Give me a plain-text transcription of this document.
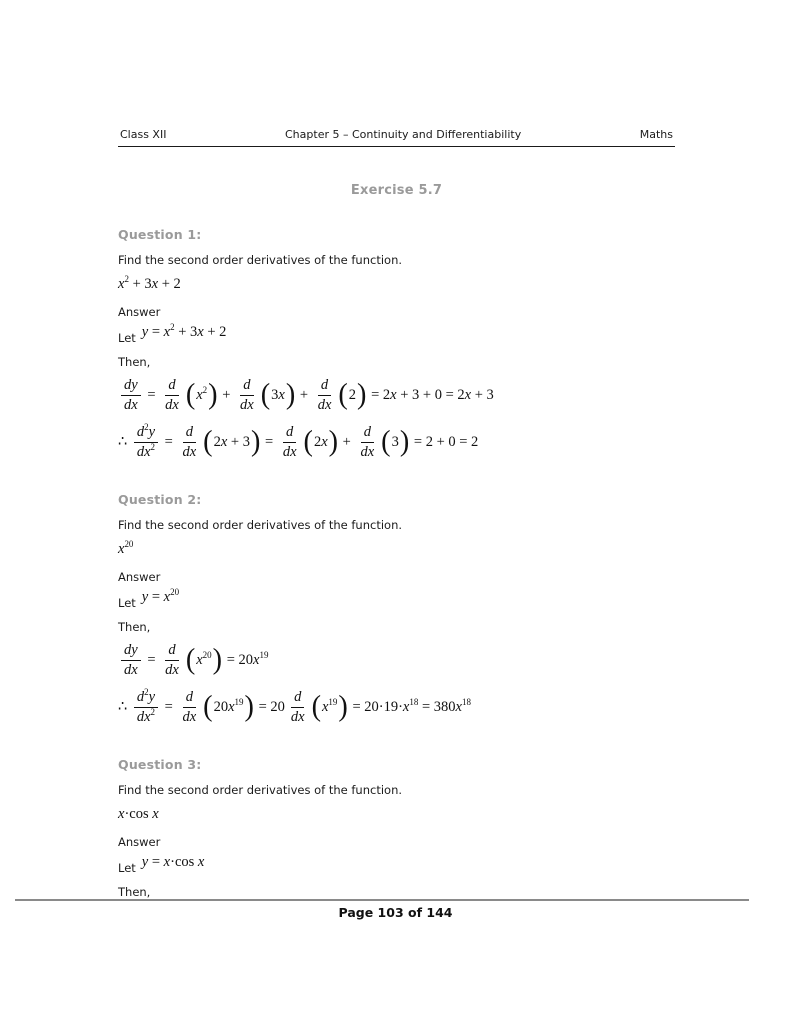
Class XII	Chapter 5 – Continuity and Differentiability	Maths
Exercise 5.7
Question 1:

Find the second order derivatives of the function.

$x^2 + 3x + 2$

Answer

Let $y = x^2 + 3x + 2$

Then,

$\frac{dy}{dx} = \frac{d}{dx}$ ( $x^2$ ) + $\frac{d}{dx}$ ( 3x ) + $\frac{d}{dx}$ ( 2 ) = 2x + 3 + 0 = 2x + 3
∴ $\frac{d^2y}{dx^2} = \frac{d}{dx}$ ( 2x + 3 ) = $\frac{d}{dx}$ ( 2x ) + $\frac{d}{dx}$ ( 3 ) = 2 + 0 = 2
Question 2:

Find the second order derivatives of the function.

$x^{20}$

Answer

Let $y = x^{20}$

Then,

$\frac{dy}{dx} = \frac{d}{dx}$ ( $x^{20}$ ) = $20x^{19}$
∴ $\frac{d^2y}{dx^2} = \frac{d}{dx}$ ( $20x^{19}$ ) = $20 \frac{d}{dx}$ ( $x^{19}$ ) = $20\cdot 19\cdot x^{18} = 380x^{18}$
Question 3:

Find the second order derivatives of the function.

x·cos x

Answer

Let y = x·cos x

Then,

Page 103 of 144
